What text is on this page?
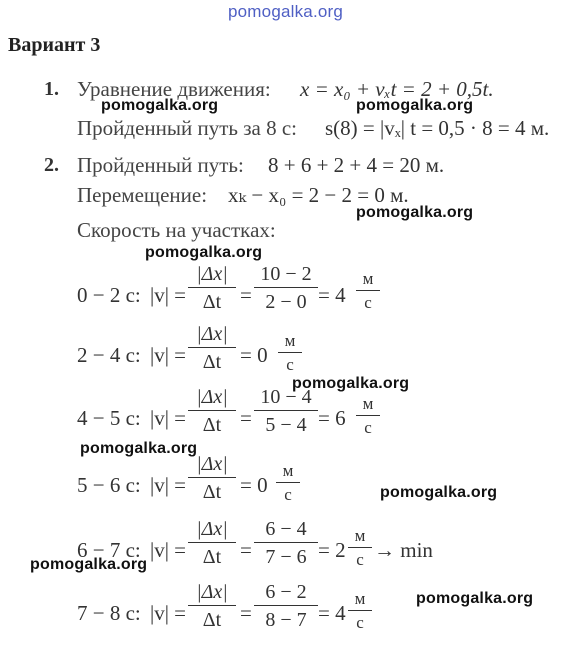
pomogalka.org
Вариант 3
1. Уравнение движения: x = x₀ + vₓt = 2 + 0,5t.
pomogalka.org	pomogalka.org
Пройденный путь за 8 с: s(8) = |vₓ| t = 0,5 · 8 = 4 м.
2. Пройденный путь: 8 + 6 + 2 + 4 = 20 м.
Перемещение: xₖ − x₀ = 2 − 2 = 0 м.
pomogalka.org
Скорость на участках:
pomogalka.org
0 − 2 с: $|v| = \frac{|\Delta x|}{\Delta t} = \frac{10 - 2}{2 - 0} = 4$
м
с
2 − 4 с: $|v| = \frac{|\Delta x|}{\Delta t} = 0$
м
с
pomogalka.org
4 − 5 с: $|v| = \frac{|\Delta x|}{\Delta t} = \frac{10 - 4}{5 - 4} = 6$
м
с
pomogalka.org
5 − 6 с: $|v| = \frac{|\Delta x|}{\Delta t} = 0$
м
с	pomogalka.org
6 − 7 с: $|v| = \frac{|\Delta x|}{\Delta t} = \frac{6 - 4}{7 - 6} = 2$
м
с → min
pomogalka.org
7 − 8 с: $|v| = \frac{|\Delta x|}{\Delta t} = \frac{6 - 2}{8 - 7} = 4$
м
с
pomogalka.org
